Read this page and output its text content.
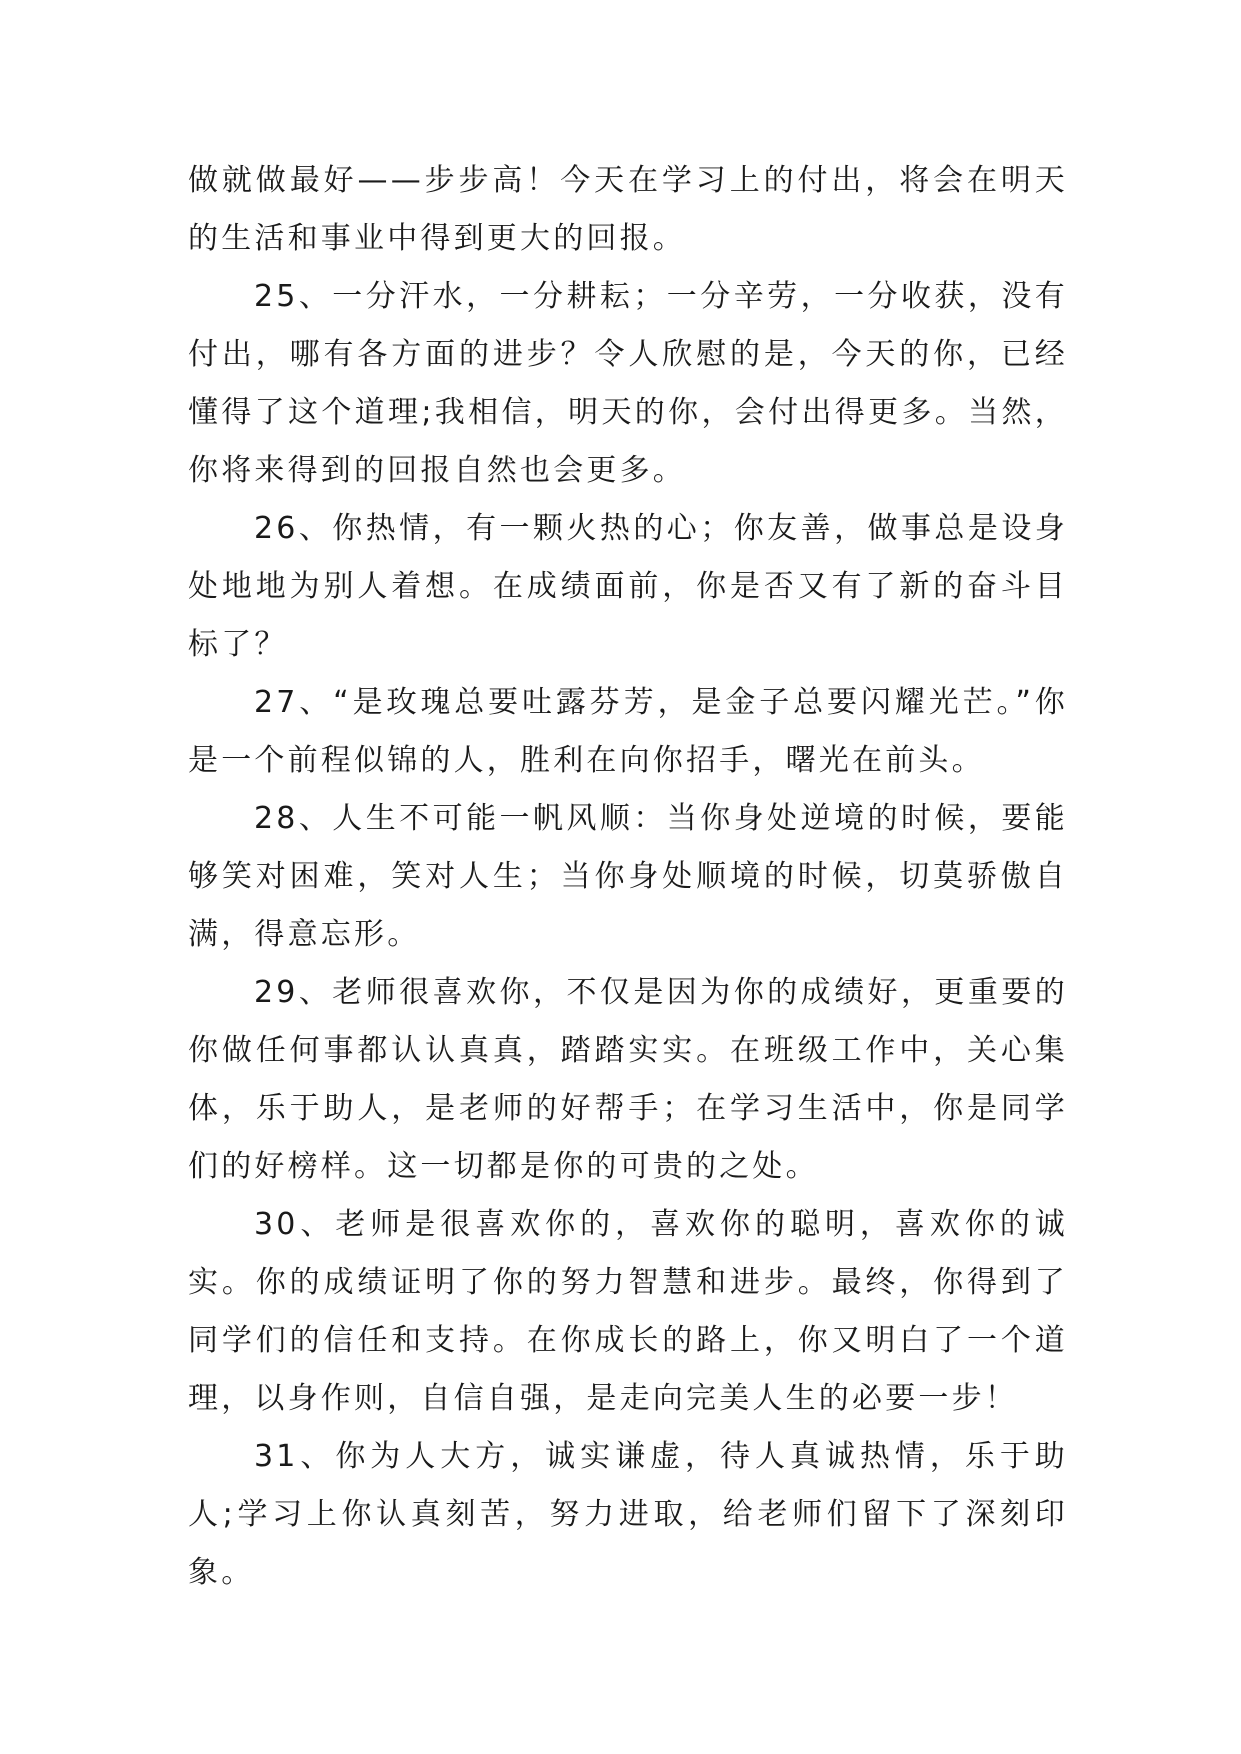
做就做最好——步步高！今天在学习上的付出，将会在明天的生活和事业中得到更大的回报。

25、一分汗水，一分耕耘；一分辛劳，一分收获，没有付出，哪有各方面的进步？令人欣慰的是，今天的你，已经懂得了这个道理;我相信，明天的你，会付出得更多。当然，你将来得到的回报自然也会更多。

26、你热情，有一颗火热的心；你友善，做事总是设身处地地为别人着想。在成绩面前，你是否又有了新的奋斗目标了？

27、“是玫瑰总要吐露芬芳，是金子总要闪耀光芒。”你是一个前程似锦的人，胜利在向你招手，曙光在前头。

28、人生不可能一帆风顺：当你身处逆境的时候，要能够笑对困难，笑对人生；当你身处顺境的时候，切莫骄傲自满，得意忘形。

29、老师很喜欢你，不仅是因为你的成绩好，更重要的你做任何事都认认真真，踏踏实实。在班级工作中，关心集体，乐于助人，是老师的好帮手；在学习生活中，你是同学们的好榜样。这一切都是你的可贵的之处。

30、老师是很喜欢你的，喜欢你的聪明，喜欢你的诚实。你的成绩证明了你的努力智慧和进步。最终，你得到了同学们的信任和支持。在你成长的路上，你又明白了一个道理，以身作则，自信自强，是走向完美人生的必要一步！

31、你为人大方，诚实谦虚，待人真诚热情，乐于助人;学习上你认真刻苦，努力进取，给老师们留下了深刻印象。
